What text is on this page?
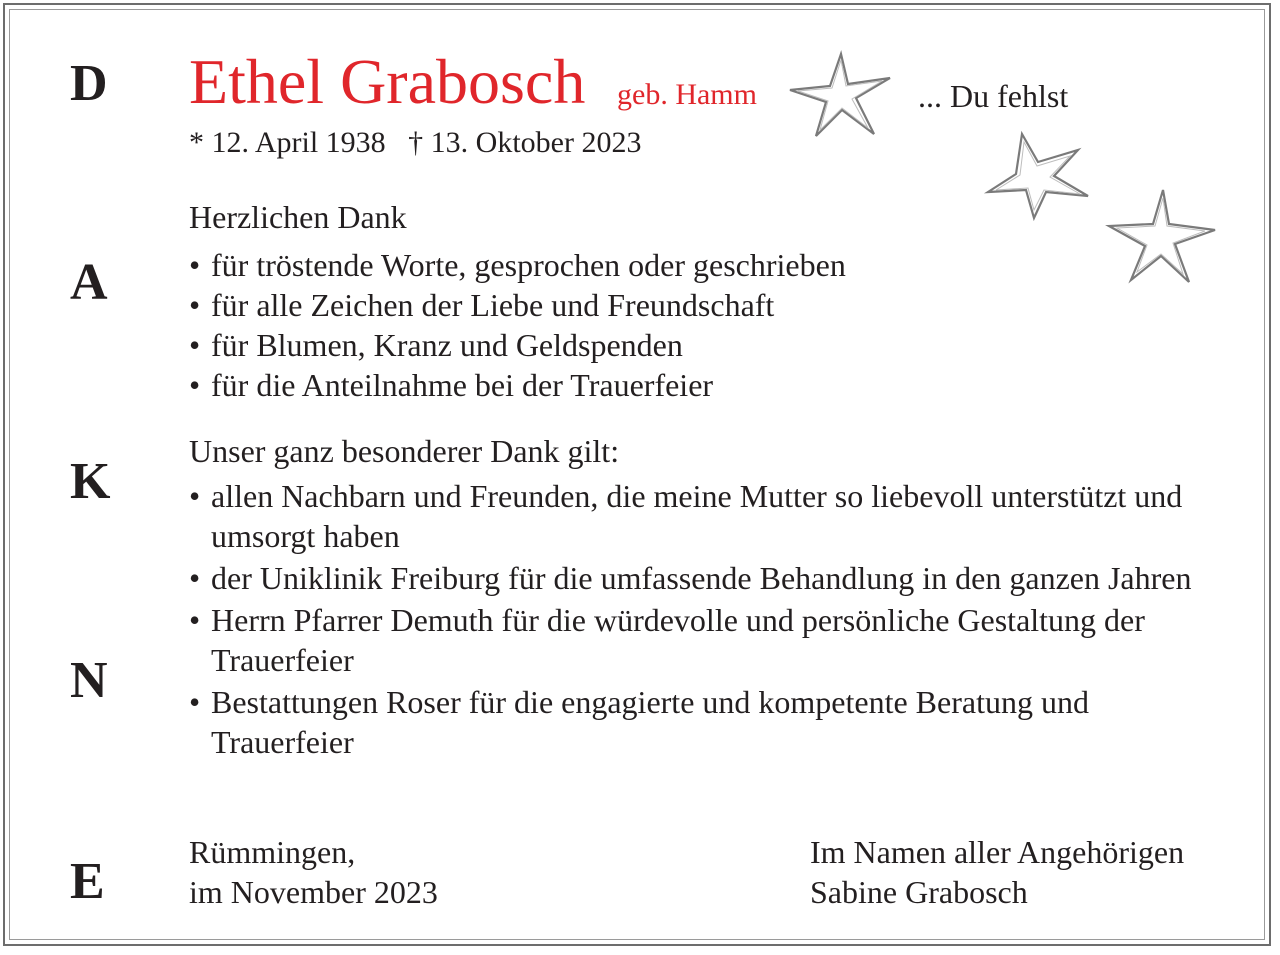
D
A
K
N
E
Ethel Grabosch geb. Hamm	... Du fehlst
* 12. April 1938   † 13. Oktober 2023
Herzlichen Dank
• für tröstende Worte, gesprochen oder geschrieben
• für alle Zeichen der Liebe und Freundschaft
• für Blumen, Kranz und Geldspenden
• für die Anteilnahme bei der Trauerfeier
Unser ganz besonderer Dank gilt:
• allen Nachbarn und Freunden, die meine Mutter so liebevoll unterstützt und umsorgt haben
• der Uniklinik Freiburg für die umfassende Behandlung in den ganzen Jahren
• Herrn Pfarrer Demuth für die würdevolle und persönliche Gestaltung der Trauerfeier
• Bestattungen Roser für die engagierte und kompetente Beratung und Trauerfeier
Rümmingen,
im November 2023
Im Namen aller Angehörigen
Sabine Grabosch
